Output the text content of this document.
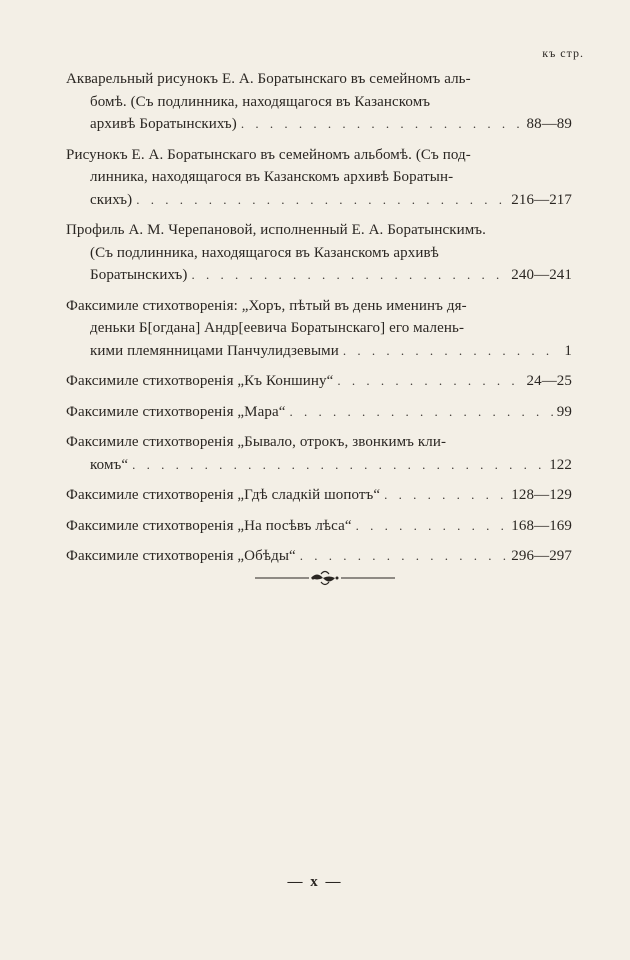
къ стр.
Акварельный рисунокъ Е. А. Боратынскаго въ семейномъ аль-
бомѣ. (Съ подлинника, находящагося въ Казанскомъ
архивѣ Боратынскихъ) . . .	88—89
Рисунокъ Е. А. Боратынскаго въ семейномъ альбомѣ. (Съ под-
линника, находящагося въ Казанскомъ архивѣ Боратын-
скихъ) . . .	216—217
Профиль А. М. Черепановой, исполненный Е. А. Боратынскимъ.
(Съ подлинника, находящагося въ Казанскомъ архивѣ
Боратынскихъ) . . .	240—241
Факсимиле стихотворенія: „Хоръ, пѣтый въ день именинъ дя-
деньки Б[огдана] Андр[еевича Боратынскаго] его малень-
кими племянницами Панчулидзевыми . . .	1
Факсимиле стихотворенія „Къ Коншину“ . . .	24—25
Факсимиле стихотворенія „Мара“ . . .	99
Факсимиле стихотворенія „Бывало, отрокъ, звонкимъ кли-
комъ“ . . .	122
Факсимиле стихотворенія „Гдѣ сладкій шопотъ“ . . .	128—129
Факсимиле стихотворенія „На посѣвъ лѣса“ . . .	168—169
Факсимиле стихотворенія „Обѣды“ . . .	296—297
— x —
